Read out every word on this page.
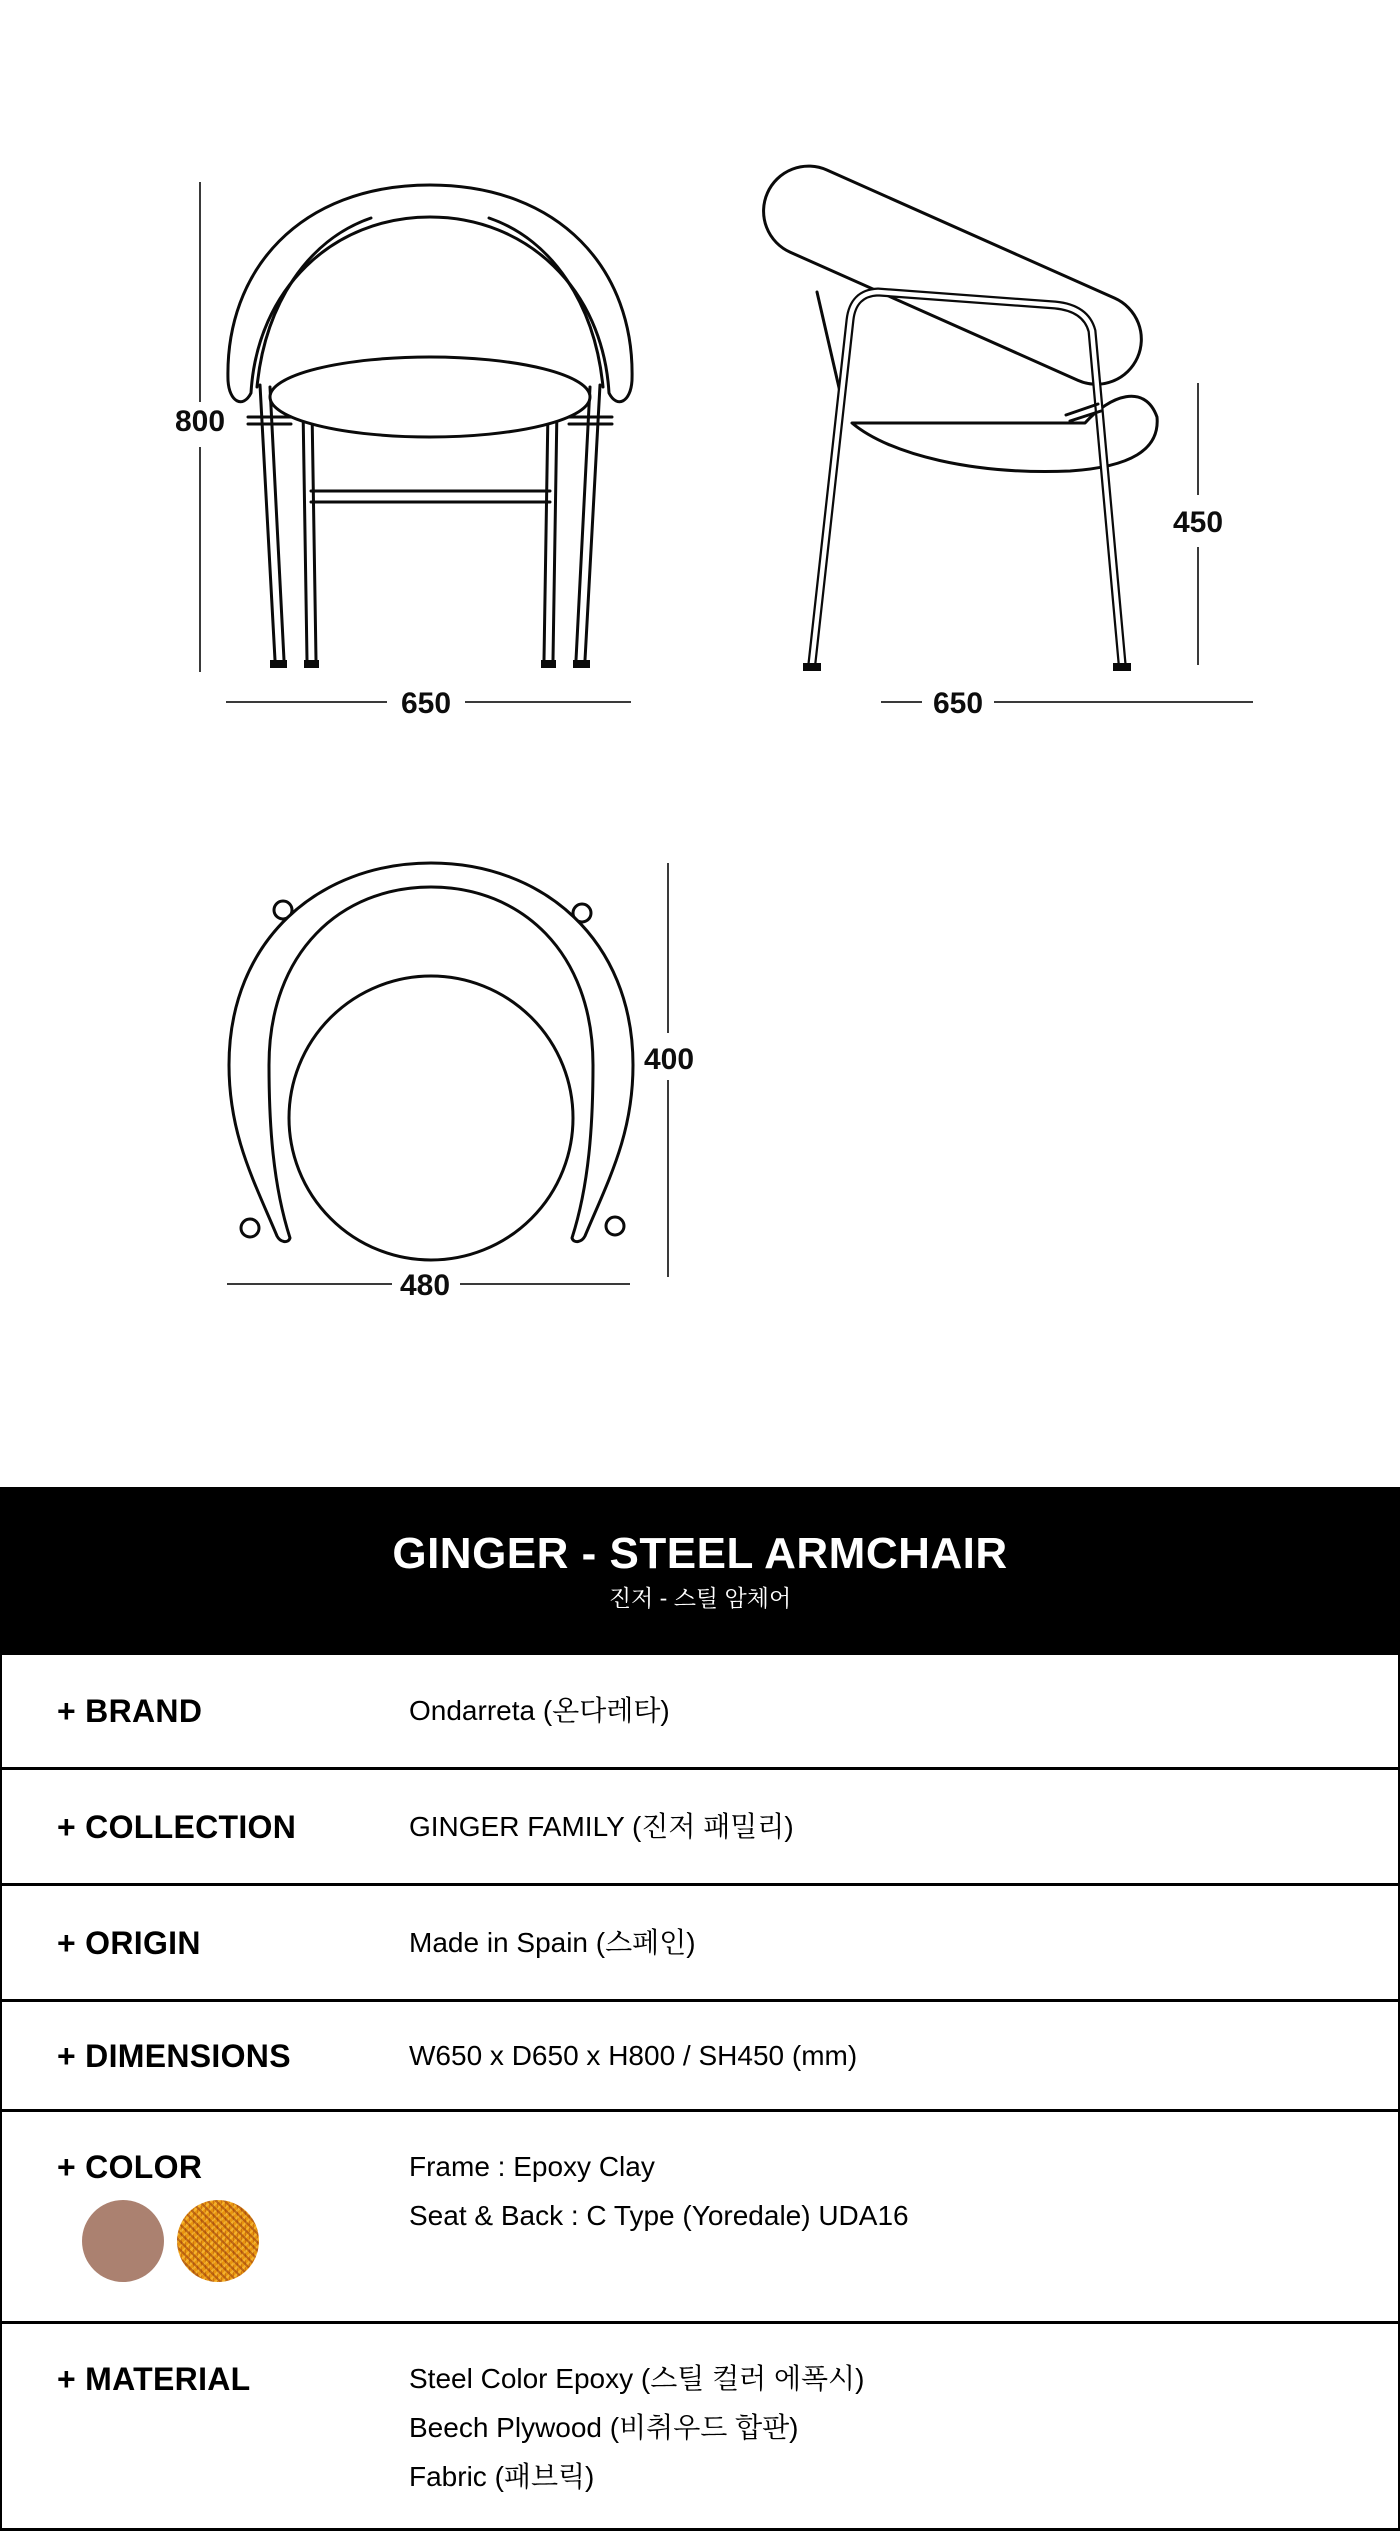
800
650
450
650
400
480
GINGER - STEEL ARMCHAIR
진저 - 스틸 암체어
+ BRAND	Ondarreta (온다레타)
+ COLLECTION	GINGER FAMILY (진저 패밀리)
+ ORIGIN	Made in Spain (스페인)
+ DIMENSIONS	W650 x D650 x H800 / SH450 (mm)
+ COLOR	Frame : Epoxy Clay
Seat & Back : C Type (Yoredale) UDA16
+ MATERIAL	Steel Color Epoxy (스틸 컬러 에폭시)
Beech Plywood (비취우드 합판)
Fabric (패브릭)
